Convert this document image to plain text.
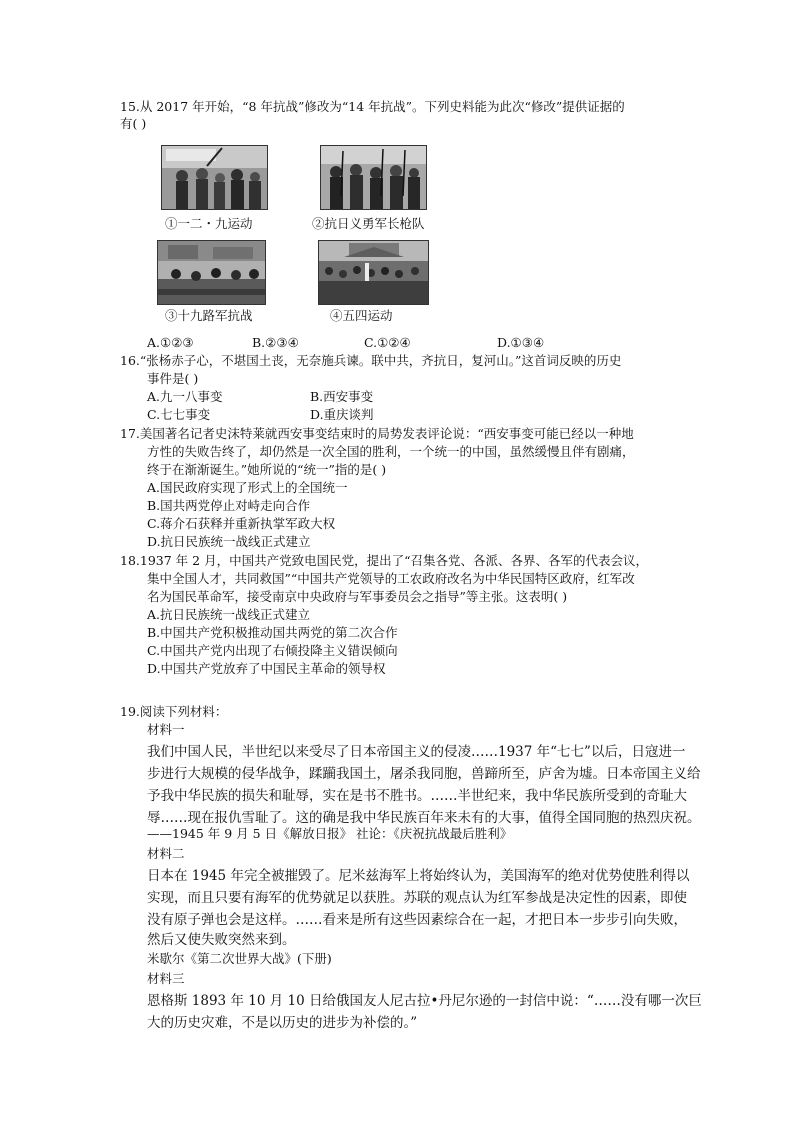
15.从 2017 年开始，“8 年抗战”修改为“14 年抗战”。下列史料能为此次“修改”提供证据的
有( )
①一二・九运动	②抗日义勇军长枪队
③十九路军抗战	④五四运动
A.①②③	B.②③④	C.①②④	D.①③④
16.“张杨赤子心，不堪国土丧，无奈施兵谏。联中共，齐抗日，复河山。”这首词反映的历史
事件是( )
A.九一八事变	B.西安事变
C.七七事变	D.重庆谈判
17.美国著名记者史沫特莱就西安事变结束时的局势发表评论说：“西安事变可能已经以一种地
方性的失败告终了，却仍然是一次全国的胜利，一个统一的中国，虽然缓慢且伴有剧痛，
终于在渐渐诞生。”她所说的“统一”指的是( )
A.国民政府实现了形式上的全国统一
B.国共两党停止对峙走向合作
C.蒋介石获释并重新执掌军政大权
D.抗日民族统一战线正式建立
18.1937 年 2 月，中国共产党致电国民党，提出了“召集各党、各派、各界、各军的代表会议，
集中全国人才，共同救国”“中国共产党领导的工农政府改名为中华民国特区政府，红军改
名为国民革命军，接受南京中央政府与军事委员会之指导”等主张。这表明( )
A.抗日民族统一战线正式建立
B.中国共产党积极推动国共两党的第二次合作
C.中国共产党内出现了右倾投降主义错误倾向
D.中国共产党放弃了中国民主革命的领导权
19.阅读下列材料：
材料一
我们中国人民，半世纪以来受尽了日本帝国主义的侵凌……1937 年“七七”以后，日寇进一
步进行大规模的侵华战争，蹂躏我国土，屠杀我同胞，兽蹄所至，庐舍为墟。日本帝国主义给
予我中华民族的损失和耻辱，实在是书不胜书。……半世纪来，我中华民族所受到的奇耻大
辱……现在报仇雪耻了。这的确是我中华民族百年来未有的大事，值得全国同胞的热烈庆祝。
——1945 年 9 月 5 日《解放日报》 社论：《庆祝抗战最后胜利》
材料二
日本在 1945 年完全被摧毁了。尼米兹海军上将始终认为，美国海军的绝对优势使胜利得以
实现，而且只要有海军的优势就足以获胜。苏联的观点认为红军参战是决定性的因素，即使
没有原子弹也会是这样。……看来是所有这些因素综合在一起，才把日本一步步引向失败，
然后又使失败突然来到。
米歇尔《第二次世界大战》(下册)
材料三
恩格斯 1893 年 10 月 10 日给俄国友人尼古拉•丹尼尔逊的一封信中说：“……没有哪一次巨
大的历史灾难，不是以历史的进步为补偿的。”
